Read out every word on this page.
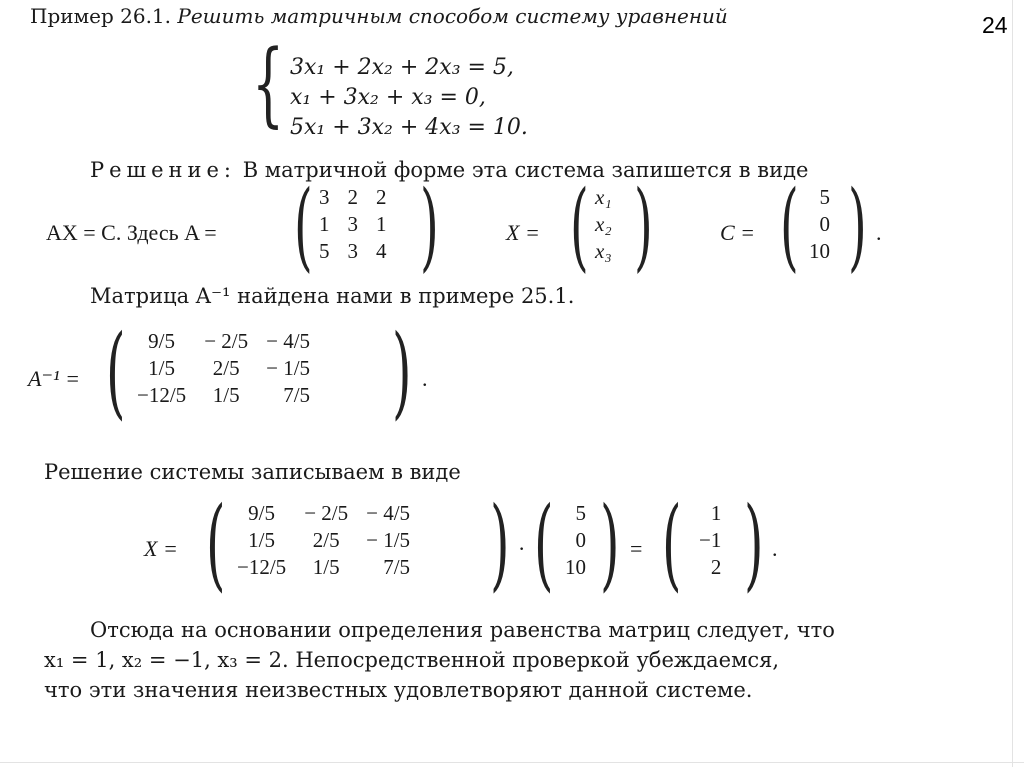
24
Пример 26.1. Решить матричным способом систему уравнений
{ 3x₁ + 2x₂ + 2x₃ = 5,
x₁ + 3x₂ + x₃ = 0,
5x₁ + 3x₂ + 4x₃ = 10.
Решение: В матричной форме эта система запишется в виде
AX = C. Здесь A = ( 3	2	2
1	3	1
5	3	4 )	X = ( x₁
x₂
x₃ )	C = ( 5
0
10 ) .
Матрица A⁻¹ найдена нами в примере 25.1.
A⁻¹ = ( 9/5	− 2/5	− 4/5
1/5	2/5	− 1/5
−12/5	1/5	7/5 ) .
Решение системы записываем в виде
X = ( 9/5	− 2/5	− 4/5
1/5	2/5	− 1/5
−12/5	1/5	7/5 ) · ( 5
0
10 ) = ( 1
−1
2 ) .
Отсюда на основании определения равенства матриц следует, что
x₁ = 1, x₂ = −1, x₃ = 2. Непосредственной проверкой убеждаемся,
что эти значения неизвестных удовлетворяют данной системе.
